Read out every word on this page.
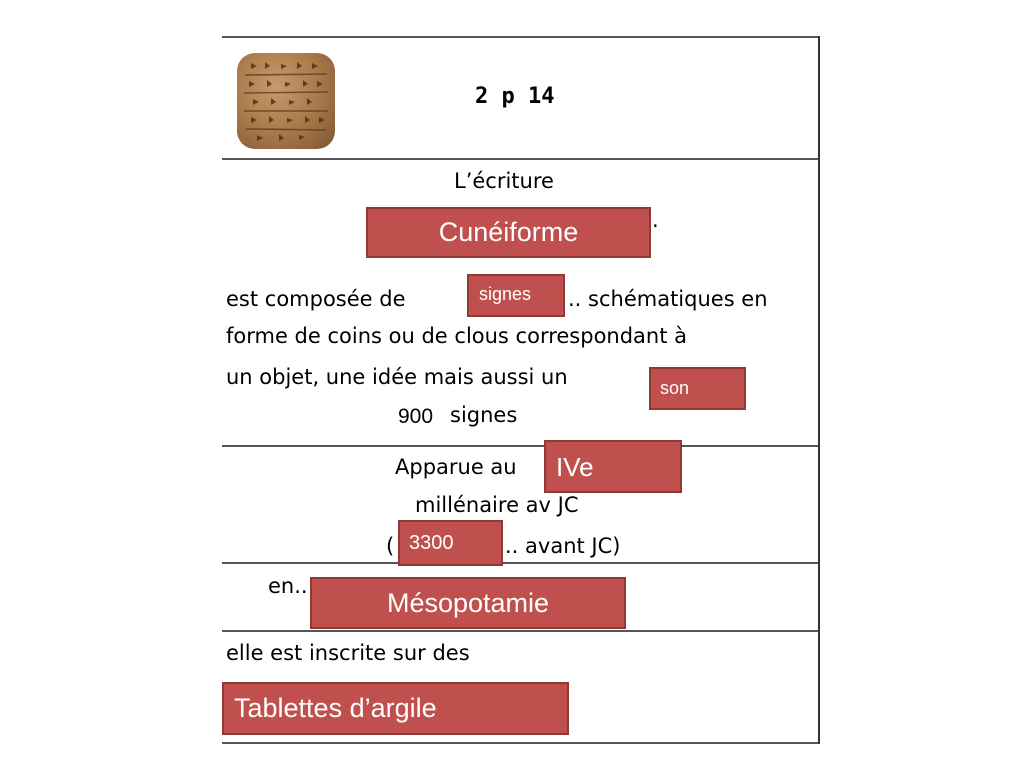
2 p 14
L’écriture
.
Cunéiforme
est composée de	signes .. schématiques en
forme de coins ou de clous correspondant à
un objet, une idée mais aussi un	son
900 signes
Apparue au IVe
millénaire av JC
( 3300 .. avant JC)
en..
Mésopotamie
elle est inscrite sur des
Tablettes d’argile
